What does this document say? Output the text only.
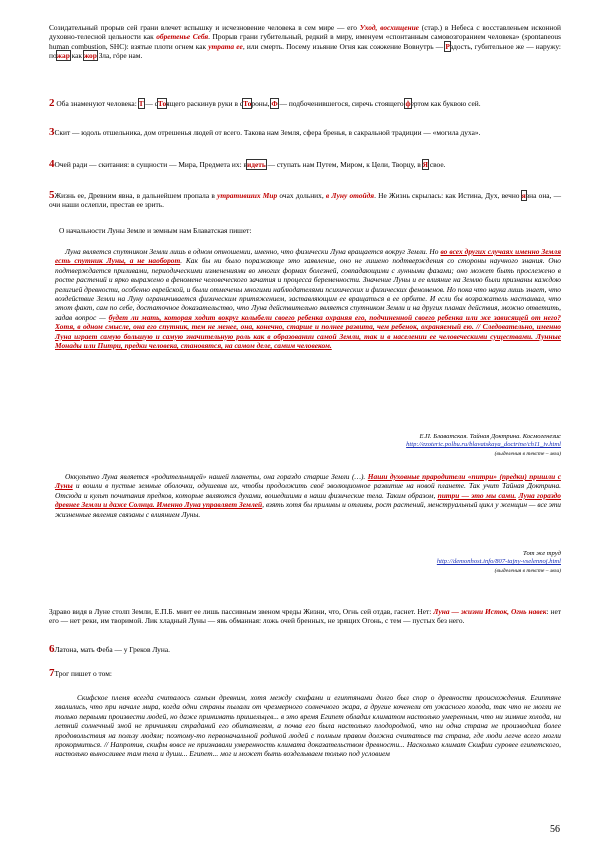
Созидательный прорыв сей грани влечет вспышку и исчезновение человека в сем мире — его Уход, восхищение (стар.) в Небеса с восставленьем исконной духовно-телесной цельности как обретенье Себя. Прорыв грани губительный, редкий в миру, именуем «спонтанным самовозгоранием человека» (spontaneous human combustion, SHC): взятые плоти огнем как утрата ее, или смерть. Посему изьяние Огня как сожжение Вовнутрь — Радость, губительное же — наружу: пожар как жор Зла, гóре нам.

2 Оба знаменуют человека: Т — сТоящего раскинув руки в сТороны, Ф — подбоченившегося, сиречь стоящего фертом как буквою сей.

3Скит — юдоль отшельника, дом отрешенья людей от всего. Такова нам Земля, сфера бренья, в сакральной традиции — «могила духа».

4Очей ради — скитания: в сущности — Мира, Предмета их: видеть — ступать нам Путем, Миром, к Цели, Творцу, в Я свое.

5Жизнь ее, Древним явна, в дальнейшем пропала в утративших Мир очах дольних, в Луну отойдя. Не Жизнь скрылась: как Истина, Дух, вечно явна она, — очи наши ослепли, престав ее зрить.

О начальности Луны Земле и земным нам Блаватская пишет:

Луна является спутником Земли лишь в одном отношении, именно, что физически Луна вращается вокруг Земли. Но во всех других случаях именно Земля есть спутник Луны, а не наоборот. Как бы ни было поражающе это заявление, оно не лишено подтверждения со стороны научного знания. Оно подтверждается приливами, периодическими изменениями во многих формах болезней, совпадающими с лунными фазами; оно может быть прослежено в росте растений и ярко выражено в феномене человеческого зачатия и процесса беременности. Значение Луны и ее влияние на Землю были признаны каждою религией древности, особенно еврейской, и были отмечены многими наблюдателями психических и физических феноменов. Но пока что наука лишь знает, что воздействие Земли на Луну ограничивается физическим притяжением, заставляющим ее вращаться в ее орбите. И если бы возражатель настаивал, что этот факт, сам по себе, достаточное доказательство, что Луна действительно является спутником Земли и на других планах действия, можно ответить, задав вопрос — будет ли мать, которая ходит вокруг колыбели своего ребенка охраняя его, подчиненной своего ребенка или же зависящей от него? Хотя, в одном смысле, она его спутник, тем не менее, она, конечно, старше и полнее развита, чем ребенок, охраняемый ею. // Следовательно, именно Луна играет самую большую и самую значительную роль как в образовании самой Земли, так и в населении ее человеческими существами. Лунные Монады или Питри, предки человека, становятся, на самом деле, самим человеком.

Е.П. Блаватская. Тайная Доктрина. Космогенезис

http://ezoteric.polbu.ru/blavatskaya_doctrine/ch11_iv.html

(выделения в тексте – мои)

Оккультно Луна является «родительницей» нашей планеты, она гораздо старше Земли (…). Наши духовные прародители «питри» (предки) пришли с Луны и вошли в пустые земные оболочки, одушевив их, чтобы продолжить своё эволюционное развитие на новой планете. Так учит Тайная Доктрина. Отсюда и культ почитания предков, которые являются духами, вошедшими в наши физические тела. Таким образом, питри — это мы сами. Луна гораздо древнее Земли и даже Солнца. Именно Луна управляет Землей, взять хотя бы приливы и отливы, рост растений, менструальный цикл у женщин — все эти жизненные явления связаны с влиянием Луны.

Тот же труд

http://demonhost.info/807-tajny-vselennoj.html

(выделения в тексте – мои)

Здраво видя в Луне столп Земли, Е.П.Б. мнит ее лишь пассивным звеном чреды Жизни, что, Огнь сей отдав, гаснет. Нет: Луна — жизни Исток, Огнь навек: нет его — нет реки, им творимой. Лик хладный Луны — явь обманная: ложь очей бренных, не зрящих Огонь, с тем — пустых без него.

6Латона, мать Феба — у Греков Луна.

7Трог пишет о том:

Скифское племя всегда считалось самым древним, хотя между скифами и египтянами долго был спор о древности происхождения. Египтяне хвалились, что при начале мира, когда одни страны пылали от чрезмерного солнечного жара, а другие коченели от ужасного холода, так что не могли не только первыми произвести людей, но даже принимать пришельцев... в это время Египет обладал климатом настолько умеренным, что ни зимние холода, ни летний солнечный зной не причиняли страданий его обитателям, а почва его была настолько плодородной, что ни одна страна не производила более продовольствия на пользу людям; поэтому-то первоначальной родиной людей с полным правом должна считаться та страна, где люди легче всего могли прокормиться. // Напротив, скифы вовсе не признавали умеренность климата доказательством древности... Насколько климат Скифии суровее египетского, настолько выносливее там тела и души... Египет... мог и может быть возделываем только под условием

56
